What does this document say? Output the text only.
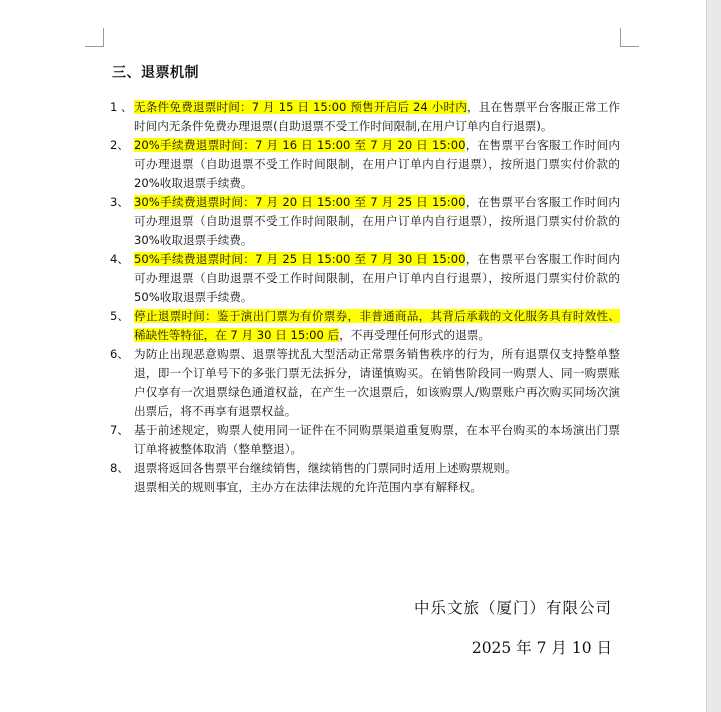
三、退票机制
1 、 无条件免费退票时间：7 月 15 日 15:00 预售开启后 24 小时内，且在售票平台客服正常工作时间内无条件免费办理退票(自助退票不受工作时间限制,在用户订单内自行退票)。
2、 20%手续费退票时间：7 月 16 日 15:00 至 7 月 20 日 15:00，在售票平台客服工作时间内可办理退票（自助退票不受工作时间限制，在用户订单内自行退票），按所退门票实付价款的 20%收取退票手续费。
3、 30%手续费退票时间：7 月 20 日 15:00 至 7 月 25 日 15:00，在售票平台客服工作时间内可办理退票（自助退票不受工作时间限制，在用户订单内自行退票），按所退门票实付价款的 30%收取退票手续费。
4、 50%手续费退票时间：7 月 25 日 15:00 至 7 月 30 日 15:00，在售票平台客服工作时间内可办理退票（自助退票不受工作时间限制，在用户订单内自行退票），按所退门票实付价款的 50%收取退票手续费。
5、 停止退票时间：鉴于演出门票为有价票券，非普通商品，其背后承载的文化服务具有时效性、稀缺性等特征，在 7 月 30 日 15:00 后，不再受理任何形式的退票。
6、 为防止出现恶意购票、退票等扰乱大型活动正常票务销售秩序的行为，所有退票仅支持整单整退，即一个订单号下的多张门票无法拆分，请谨慎购买。在销售阶段同一购票人、同一购票账户仅享有一次退票绿色通道权益，在产生一次退票后，如该购票人/购票账户再次购买同场次演出票后，将不再享有退票权益。
7、 基于前述规定，购票人使用同一证件在不同购票渠道重复购票，在本平台购买的本场演出门票订单将被整体取消（整单整退）。
8、 退票将返回各售票平台继续销售，继续销售的门票同时适用上述购票规则。
退票相关的规则事宜，主办方在法律法规的允许范围内享有解释权。
中乐文旅（厦门）有限公司
2025 年 7 月 10 日
